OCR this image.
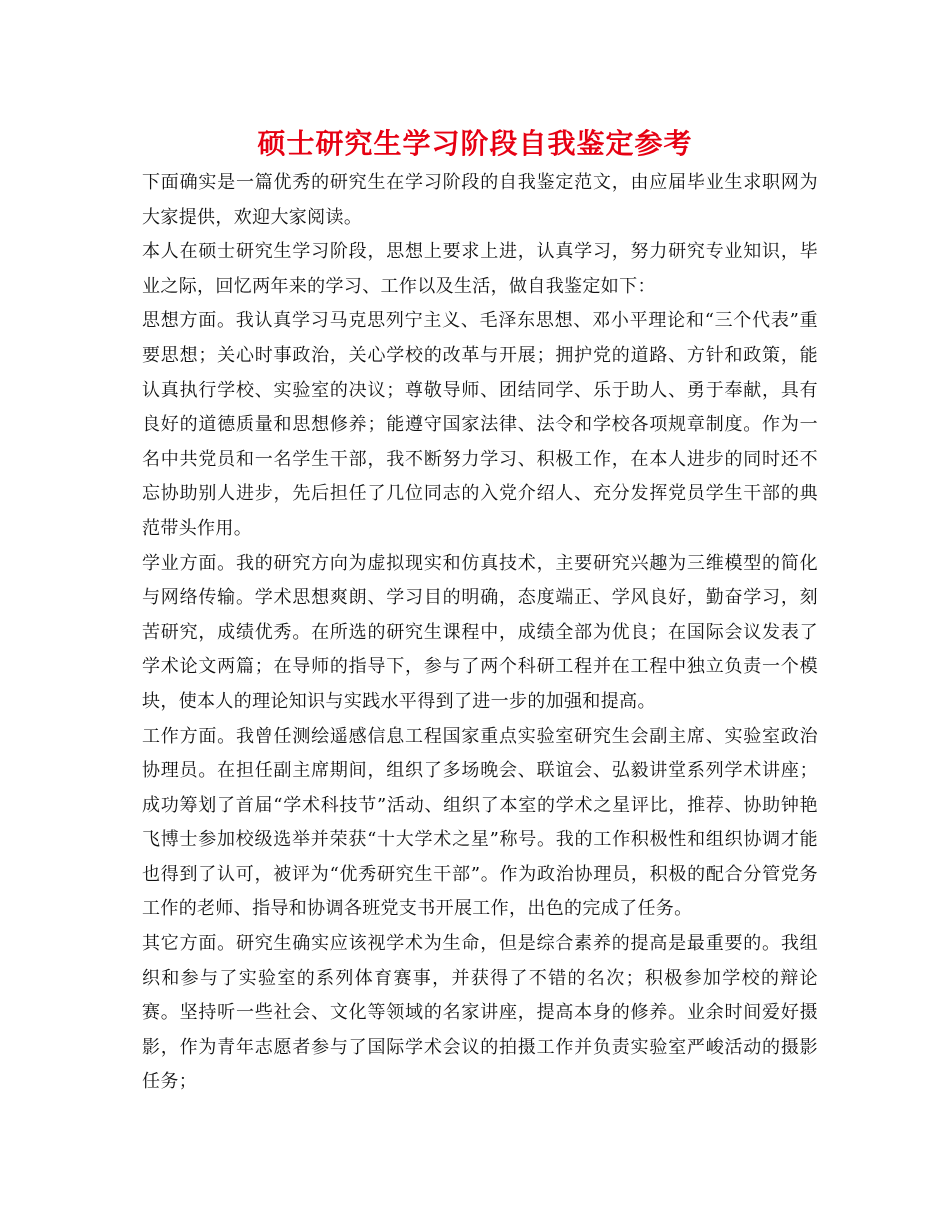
硕士研究生学习阶段自我鉴定参考

下面确实是一篇优秀的研究生在学习阶段的自我鉴定范文，由应届毕业生求职网为大家提供，欢迎大家阅读。

本人在硕士研究生学习阶段，思想上要求上进，认真学习，努力研究专业知识，毕业之际，回忆两年来的学习、工作以及生活，做自我鉴定如下：

思想方面。我认真学习马克思列宁主义、毛泽东思想、邓小平理论和“三个代表”重要思想；关心时事政治，关心学校的改革与开展；拥护党的道路、方针和政策，能认真执行学校、实验室的决议；尊敬导师、团结同学、乐于助人、勇于奉献，具有良好的道德质量和思想修养；能遵守国家法律、法令和学校各项规章制度。作为一名中共党员和一名学生干部，我不断努力学习、积极工作，在本人进步的同时还不忘协助别人进步，先后担任了几位同志的入党介绍人、充分发挥党员学生干部的典范带头作用。

学业方面。我的研究方向为虚拟现实和仿真技术，主要研究兴趣为三维模型的简化与网络传输。学术思想爽朗、学习目的明确，态度端正、学风良好，勤奋学习，刻苦研究，成绩优秀。在所选的研究生课程中，成绩全部为优良；在国际会议发表了学术论文两篇；在导师的指导下，参与了两个科研工程并在工程中独立负责一个模块，使本人的理论知识与实践水平得到了进一步的加强和提高。

工作方面。我曾任测绘遥感信息工程国家重点实验室研究生会副主席、实验室政治协理员。在担任副主席期间，组织了多场晚会、联谊会、弘毅讲堂系列学术讲座；成功筹划了首届“学术科技节”活动、组织了本室的学术之星评比，推荐、协助钟艳飞博士参加校级选举并荣获“十大学术之星”称号。我的工作积极性和组织协调才能也得到了认可，被评为“优秀研究生干部”。作为政治协理员，积极的配合分管党务工作的老师、指导和协调各班党支书开展工作，出色的完成了任务。

其它方面。研究生确实应该视学术为生命，但是综合素养的提高是最重要的。我组织和参与了实验室的系列体育赛事，并获得了不错的名次；积极参加学校的辩论赛。坚持听一些社会、文化等领域的名家讲座，提高本身的修养。业余时间爱好摄影，作为青年志愿者参与了国际学术会议的拍摄工作并负责实验室严峻活动的摄影任务；
